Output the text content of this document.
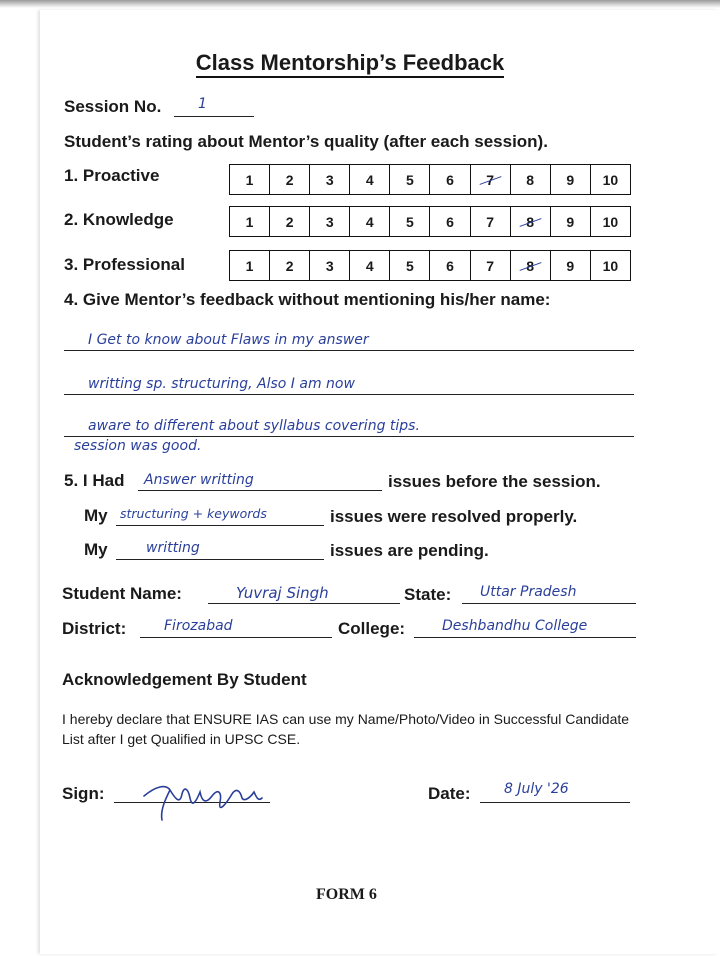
Class Mentorship’s Feedback
Session No.	1
Student’s rating about Mentor’s quality (after each session).
1. Proactive	1	2	3	4	5	6	7	8	9	10
2. Knowledge	1	2	3	4	5	6	7	8	9	10
3. Professional	1	2	3	4	5	6	7	8	9	10
4. Give Mentor’s feedback without mentioning his/her name:
I Get to know about Flaws in my answer
writting sp. structuring, Also I am now
aware to different about syllabus covering tips.
session was good.
5. I Had Answer writting	issues before the session.
My structuring + keywords	issues were resolved properly.
My	writting	issues are pending.
Student Name:	Yuvraj Singh	State: Uttar Pradesh
District:	Firozabad	College:	Deshbandhu College
Acknowledgement By Student
I hereby declare that ENSURE IAS can use my Name/Photo/Video in Successful Candidate List after I get Qualified in UPSC CSE.
Sign:	Date: 8 July '26
FORM 6
